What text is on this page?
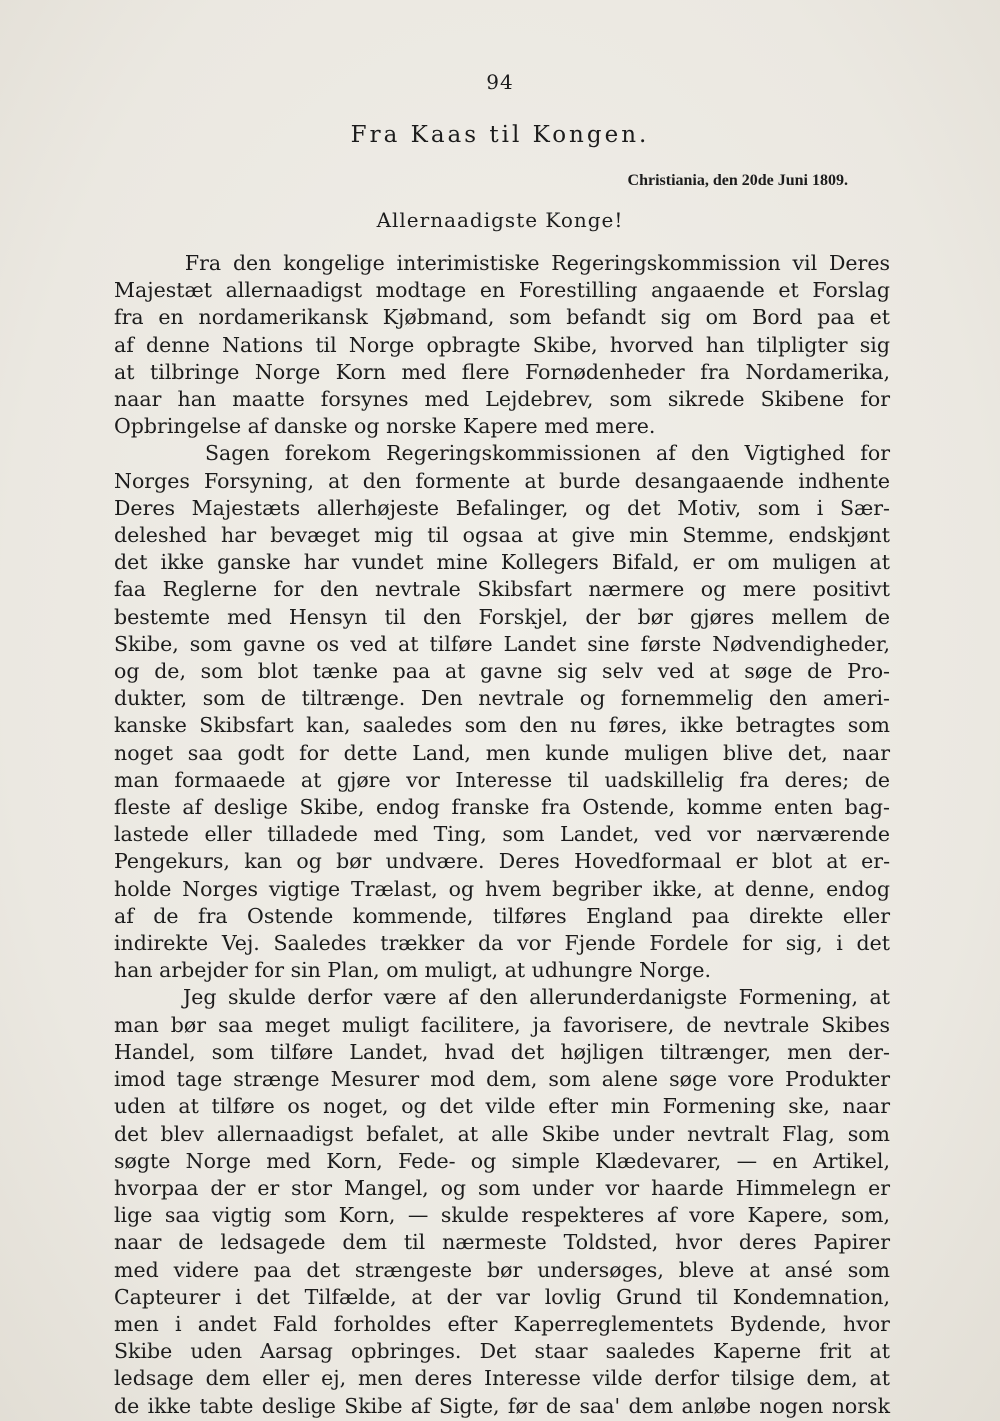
94
Fra Kaas til Kongen.
Christiania, den 20de Juni 1809.
Allernaadigste Konge!
Fra den kongelige interimistiske Regeringskommission vil Deres
Majestæt allernaadigst modtage en Forestilling angaaende et Forslag
fra en nordamerikansk Kjøbmand, som befandt sig om Bord paa et
af denne Nations til Norge opbragte Skibe, hvorved han tilpligter sig
at tilbringe Norge Korn med flere Fornødenheder fra Nordamerika,
naar han maatte forsynes med Lejdebrev, som sikrede Skibene for
Opbringelse af danske og norske Kapere med mere.
Sagen forekom Regeringskommissionen af den Vigtighed for
Norges Forsyning, at den formente at burde desangaaende indhente
Deres Majestæts allerhøjeste Befalinger, og det Motiv, som i Sær-
deleshed har bevæget mig til ogsaa at give min Stemme, endskjønt
det ikke ganske har vundet mine Kollegers Bifald, er om muligen at
faa Reglerne for den nevtrale Skibsfart nærmere og mere positivt
bestemte med Hensyn til den Forskjel, der bør gjøres mellem de
Skibe, som gavne os ved at tilføre Landet sine første Nødvendigheder,
og de, som blot tænke paa at gavne sig selv ved at søge de Pro-
dukter, som de tiltrænge. Den nevtrale og fornemmelig den ameri-
kanske Skibsfart kan, saaledes som den nu føres, ikke betragtes som
noget saa godt for dette Land, men kunde muligen blive det, naar
man formaaede at gjøre vor Interesse til uadskillelig fra deres; de
fleste af deslige Skibe, endog franske fra Ostende, komme enten bag-
lastede eller tilladede med Ting, som Landet, ved vor nærværende
Pengekurs, kan og bør undvære. Deres Hovedformaal er blot at er-
holde Norges vigtige Trælast, og hvem begriber ikke, at denne, endog
af de fra Ostende kommende, tilføres England paa direkte eller
indirekte Vej. Saaledes trækker da vor Fjende Fordele for sig, i det
han arbejder for sin Plan, om muligt, at udhungre Norge.
Jeg skulde derfor være af den allerunderdanigste Formening, at
man bør saa meget muligt facilitere, ja favorisere, de nevtrale Skibes
Handel, som tilføre Landet, hvad det højligen tiltrænger, men der-
imod tage strænge Mesurer mod dem, som alene søge vore Produkter
uden at tilføre os noget, og det vilde efter min Formening ske, naar
det blev allernaadigst befalet, at alle Skibe under nevtralt Flag, som
søgte Norge med Korn, Fede- og simple Klædevarer, — en Artikel,
hvorpaa der er stor Mangel, og som under vor haarde Himmelegn er
lige saa vigtig som Korn, — skulde respekteres af vore Kapere, som,
naar de ledsagede dem til nærmeste Toldsted, hvor deres Papirer
med videre paa det strængeste bør undersøges, bleve at ansé som
Capteurer i det Tilfælde, at der var lovlig Grund til Kondemnation,
men i andet Fald forholdes efter Kaperreglementets Bydende, hvor
Skibe uden Aarsag opbringes. Det staar saaledes Kaperne frit at
ledsage dem eller ej, men deres Interesse vilde derfor tilsige dem, at
de ikke tabte deslige Skibe af Sigte, før de saa' dem anløbe nogen norsk
